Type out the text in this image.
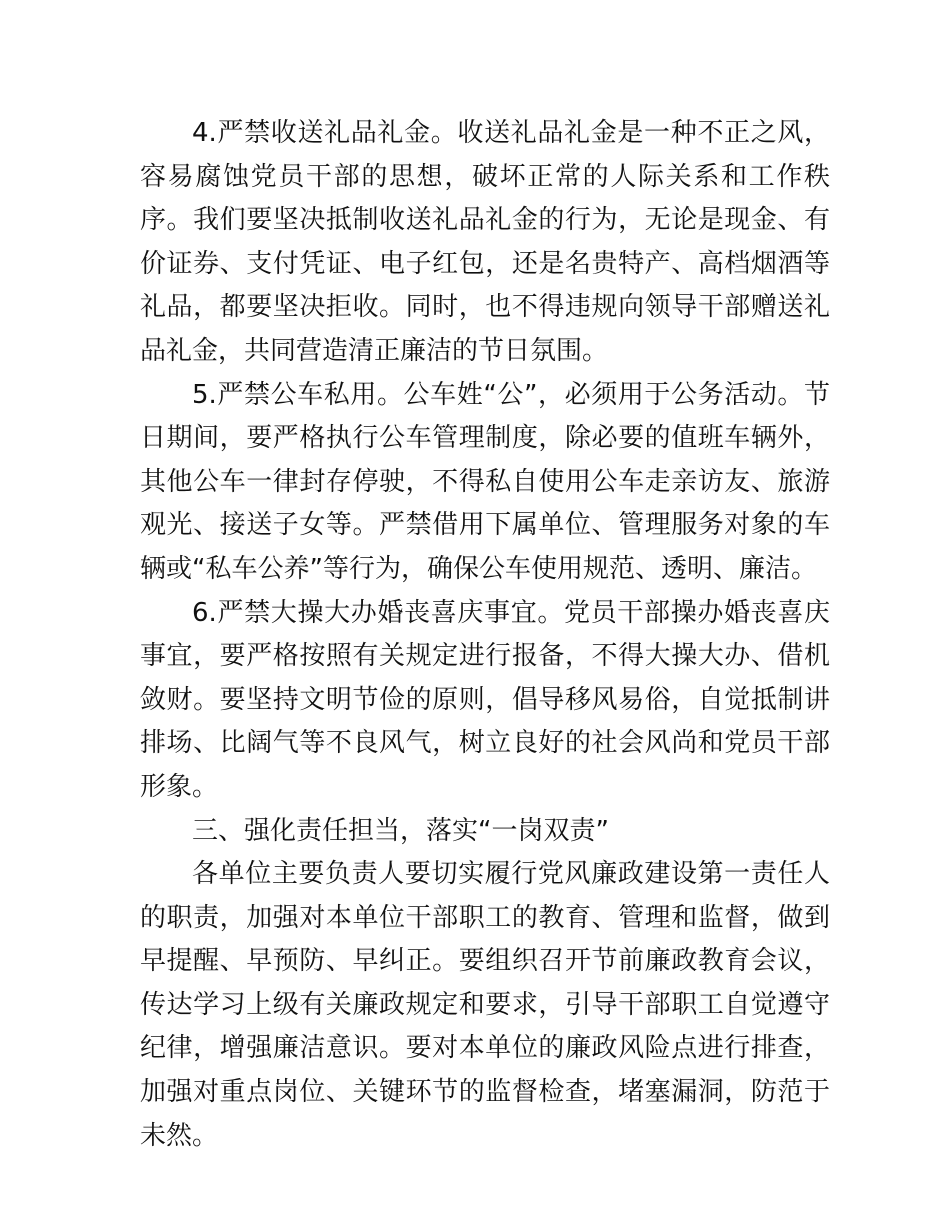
4.严禁收送礼品礼金。收送礼品礼金是一种不正之风，容易腐蚀党员干部的思想，破坏正常的人际关系和工作秩序。我们要坚决抵制收送礼品礼金的行为，无论是现金、有价证券、支付凭证、电子红包，还是名贵特产、高档烟酒等礼品，都要坚决拒收。同时，也不得违规向领导干部赠送礼品礼金，共同营造清正廉洁的节日氛围。

5.严禁公车私用。公车姓“公”，必须用于公务活动。节日期间，要严格执行公车管理制度，除必要的值班车辆外，其他公车一律封存停驶，不得私自使用公车走亲访友、旅游观光、接送子女等。严禁借用下属单位、管理服务对象的车辆或“私车公养”等行为，确保公车使用规范、透明、廉洁。

6.严禁大操大办婚丧喜庆事宜。党员干部操办婚丧喜庆事宜，要严格按照有关规定进行报备，不得大操大办、借机敛财。要坚持文明节俭的原则，倡导移风易俗，自觉抵制讲排场、比阔气等不良风气，树立良好的社会风尚和党员干部形象。

三、强化责任担当，落实“一岗双责”

各单位主要负责人要切实履行党风廉政建设第一责任人的职责，加强对本单位干部职工的教育、管理和监督，做到早提醒、早预防、早纠正。要组织召开节前廉政教育会议，传达学习上级有关廉政规定和要求，引导干部职工自觉遵守纪律，增强廉洁意识。要对本单位的廉政风险点进行排查，加强对重点岗位、关键环节的监督检查，堵塞漏洞，防范于未然。
